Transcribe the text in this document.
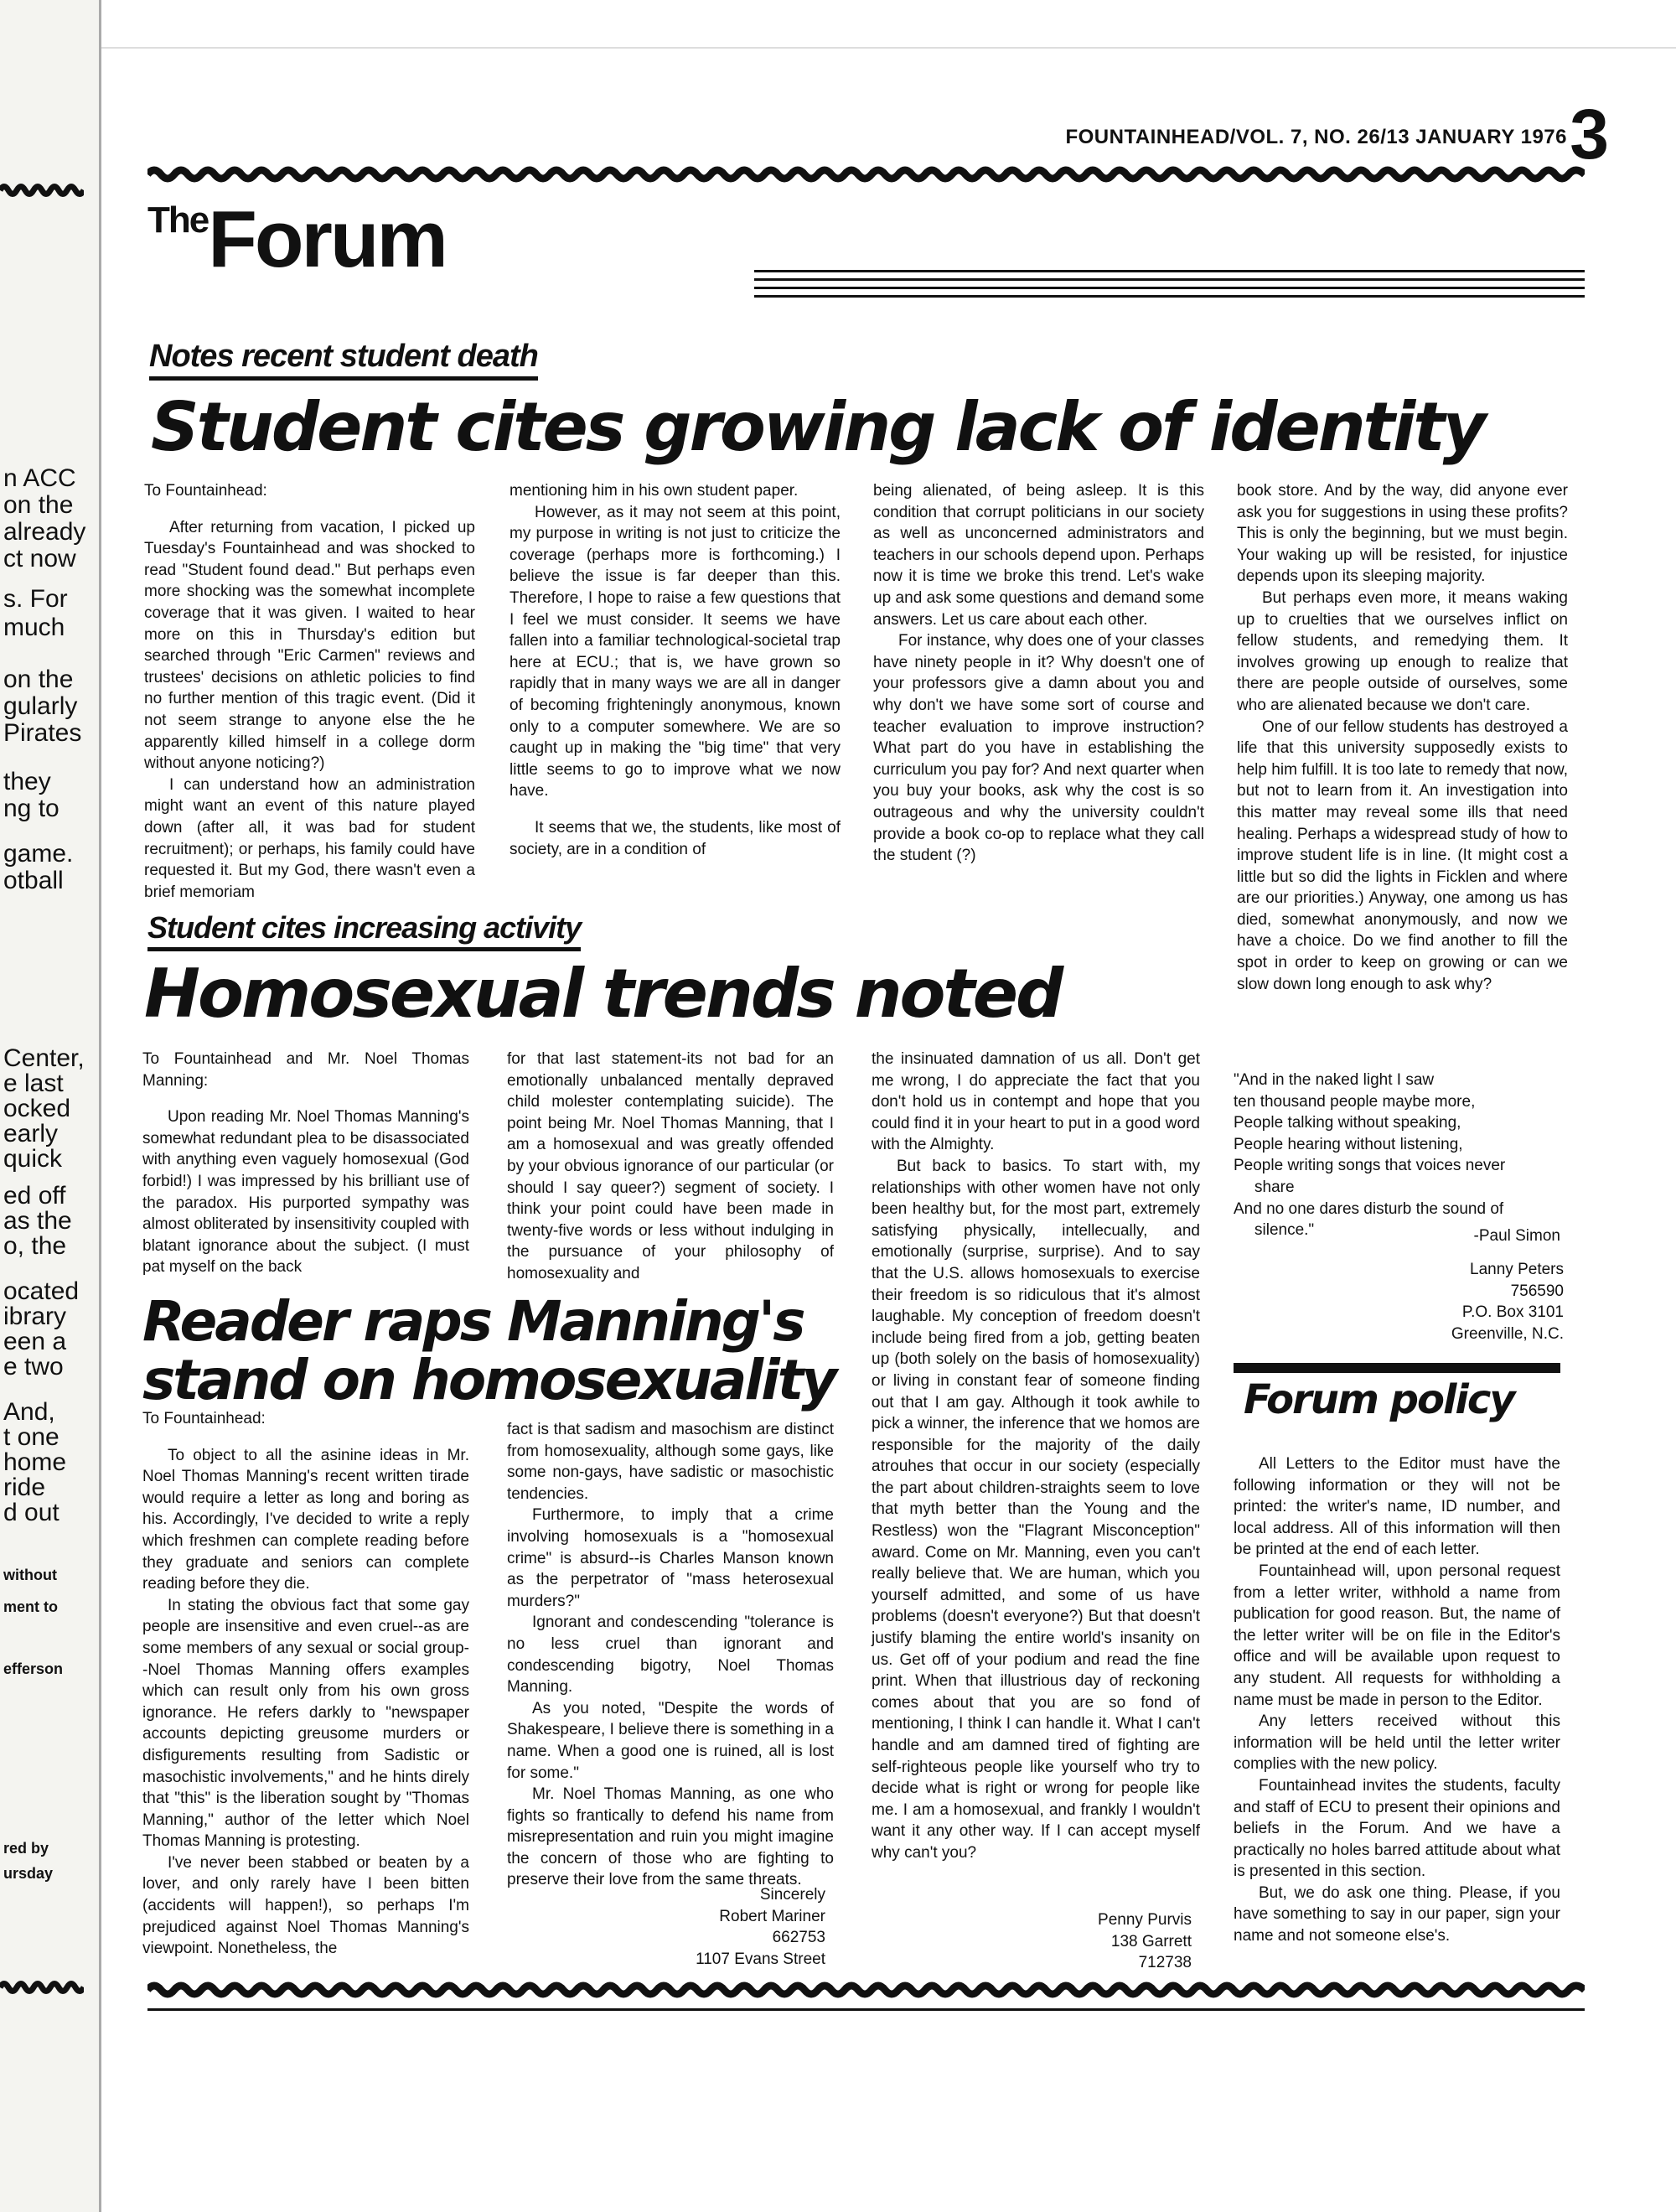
n ACC
on the
already
ct now
s. For
much
on the
gularly
Pirates
they
ng to
game.
otball
Center,
e last
ocked
early
quick
ed off
as the
o, the
ocated
ibrary
een a
e two
And,
t one
home
ride
d out
without
ment to
efferson
red by
ursday
FOUNTAINHEAD/VOL. 7, NO. 26/13 JANUARY 1976 3
TheForum
Notes recent student death
Student cites growing lack of identity

To Fountainhead:

After returning from vacation, I picked up Tuesday's Fountainhead and was shocked to read "Student found dead." But perhaps even more shocking was the somewhat incomplete coverage that it was given. I waited to hear more on this in Thursday's edition but searched through "Eric Carmen" reviews and trustees' decisions on athletic policies to find no further mention of this tragic event. (Did it not seem strange to anyone else the he apparently killed himself in a college dorm without anyone noticing?)

I can understand how an administration might want an event of this nature played down (after all, it was bad for student recruitment); or perhaps, his family could have requested it. But my God, there wasn't even a brief memoriam

mentioning him in his own student paper.

However, as it may not seem at this point, my purpose in writing is not just to criticize the coverage (perhaps more is forthcoming.) I believe the issue is far deeper than this. Therefore, I hope to raise a few questions that I feel we must consider. It seems we have fallen into a familiar technological-societal trap here at ECU.; that is, we have grown so rapidly that in many ways we are all in danger of becoming frighteningly anonymous, known only to a computer somewhere. We are so caught up in making the "big time" that very little seems to go to improve what we now have.

It seems that we, the students, like most of society, are in a condition of

being alienated, of being asleep. It is this condition that corrupt politicians in our society as well as unconcerned administrators and teachers in our schools depend upon. Perhaps now it is time we broke this trend. Let's wake up and ask some questions and demand some answers. Let us care about each other.

For instance, why does one of your classes have ninety people in it? Why doesn't one of your professors give a damn about you and why don't we have some sort of course and teacher evaluation to improve instruction? What part do you have in establishing the curriculum you pay for? And next quarter when you buy your books, ask why the cost is so outrageous and why the university couldn't provide a book co-op to replace what they call the student (?)

book store. And by the way, did anyone ever ask you for suggestions in using these profits? This is only the beginning, but we must begin. Your waking up will be resisted, for injustice depends upon its sleeping majority.

But perhaps even more, it means waking up to cruelties that we ourselves inflict on fellow students, and remedying them. It involves growing up enough to realize that there are people outside of ourselves, some who are alienated because we don't care.

One of our fellow students has destroyed a life that this university supposedly exists to help him fulfill. It is too late to remedy that now, but not to learn from it. An investigation into this matter may reveal some ills that need healing. Perhaps a widespread study of how to improve student life is in line. (It might cost a little but so did the lights in Ficklen and where are our priorities.) Anyway, one among us has died, somewhat anonymously, and now we have a choice. Do we find another to fill the spot in order to keep on growing or can we slow down long enough to ask why?

"And in the naked light I saw
ten thousand people maybe more,
People talking without speaking,
People hearing without listening,
People writing songs that voices never
share
And no one dares disturb the sound of
silence."	-Paul Simon
Lanny Peters
756590
P.O. Box 3101
Greenville, N.C.
Student cites increasing activity
Homosexual trends noted

To Fountainhead and Mr. Noel Thomas Manning:

Upon reading Mr. Noel Thomas Manning's somewhat redundant plea to be disassociated with anything even vaguely homosexual (God forbid!) I was impressed by his brilliant use of the paradox. His purported sympathy was almost obliterated by insensitivity coupled with blatant ignorance about the subject. (I must pat myself on the back

for that last statement-its not bad for an emotionally unbalanced mentally depraved child molester contemplating suicide). The point being Mr. Noel Thomas Manning, that I am a homosexual and was greatly offended by your obvious ignorance of our particular (or should I say queer?) segment of society. I think your point could have been made in twenty-five words or less without indulging in the pursuance of your philosophy of homosexuality and

the insinuated damnation of us all. Don't get me wrong, I do appreciate the fact that you don't hold us in contempt and hope that you could find it in your heart to put in a good word with the Almighty.

But back to basics. To start with, my relationships with other women have not only been healthy but, for the most part, extremely satisfying physically, intellecually, and emotionally (surprise, surprise). And to say that the U.S. allows homosexuals to exercise their freedom is so ridiculous that it's almost laughable. My conception of freedom doesn't include being fired from a job, getting beaten up (both solely on the basis of homosexuality) or living in constant fear of someone finding out that I am gay. Although it took awhile to pick a winner, the inference that we homos are responsible for the majority of the daily atrouhes that occur in our society (especially the part about children-straights seem to love that myth better than the Young and the Restless) won the "Flagrant Misconception" award. Come on Mr. Manning, even you can't really believe that. We are human, which you yourself admitted, and some of us have problems (doesn't everyone?) But that doesn't justify blaming the entire world's insanity on us. Get off of your podium and read the fine print. When that illustrious day of reckoning comes about that you are so fond of mentioning, I think I can handle it. What I can't handle and am damned tired of fighting are self-righteous people like yourself who try to decide what is right or wrong for people like me. I am a homosexual, and frankly I wouldn't want it any other way. If I can accept myself why can't you?

Penny Purvis
138 Garrett
712738
Reader raps Manning's
stand on homosexuality

To Fountainhead:

To object to all the asinine ideas in Mr. Noel Thomas Manning's recent written tirade would require a letter as long and boring as his. Accordingly, I've decided to write a reply which freshmen can complete reading before they graduate and seniors can complete reading before they die.

In stating the obvious fact that some gay people are insensitive and even cruel--as are some members of any sexual or social group--Noel Thomas Manning offers examples which can result only from his own gross ignorance. He refers darkly to "newspaper accounts depicting greusome murders or disfigurements resulting from Sadistic or masochistic involvements," and he hints direly that "this" is the liberation sought by "Thomas Manning," author of the letter which Noel Thomas Manning is protesting.

I've never been stabbed or beaten by a lover, and only rarely have I been bitten (accidents will happen!), so perhaps I'm prejudiced against Noel Thomas Manning's viewpoint. Nonetheless, the

fact is that sadism and masochism are distinct from homosexuality, although some gays, like some non-gays, have sadistic or masochistic tendencies.

Furthermore, to imply that a crime involving homosexuals is a "homosexual crime" is absurd--is Charles Manson known as the perpetrator of "mass heterosexual murders?"

Ignorant and condescending "tolerance is no less cruel than ignorant and condescending bigotry, Noel Thomas Manning.

As you noted, "Despite the words of Shakespeare, I believe there is something in a name. When a good one is ruined, all is lost for some."

Mr. Noel Thomas Manning, as one who fights so frantically to defend his name from misrepresentation and ruin you might imagine the concern of those who are fighting to preserve their love from the same threats.

Sincerely
Robert Mariner
662753
1107 Evans Street
Forum policy

All Letters to the Editor must have the following information or they will not be printed: the writer's name, ID number, and local address. All of this information will then be printed at the end of each letter.

Fountainhead will, upon personal request from a letter writer, withhold a name from publication for good reason. But, the name of the letter writer will be on file in the Editor's office and will be available upon request to any student. All requests for withholding a name must be made in person to the Editor.

Any letters received without this information will be held until the letter writer complies with the new policy.

Fountainhead invites the students, faculty and staff of ECU to present their opinions and beliefs in the Forum. And we have a practically no holes barred attitude about what is presented in this section.

But, we do ask one thing. Please, if you have something to say in our paper, sign your name and not someone else's.
